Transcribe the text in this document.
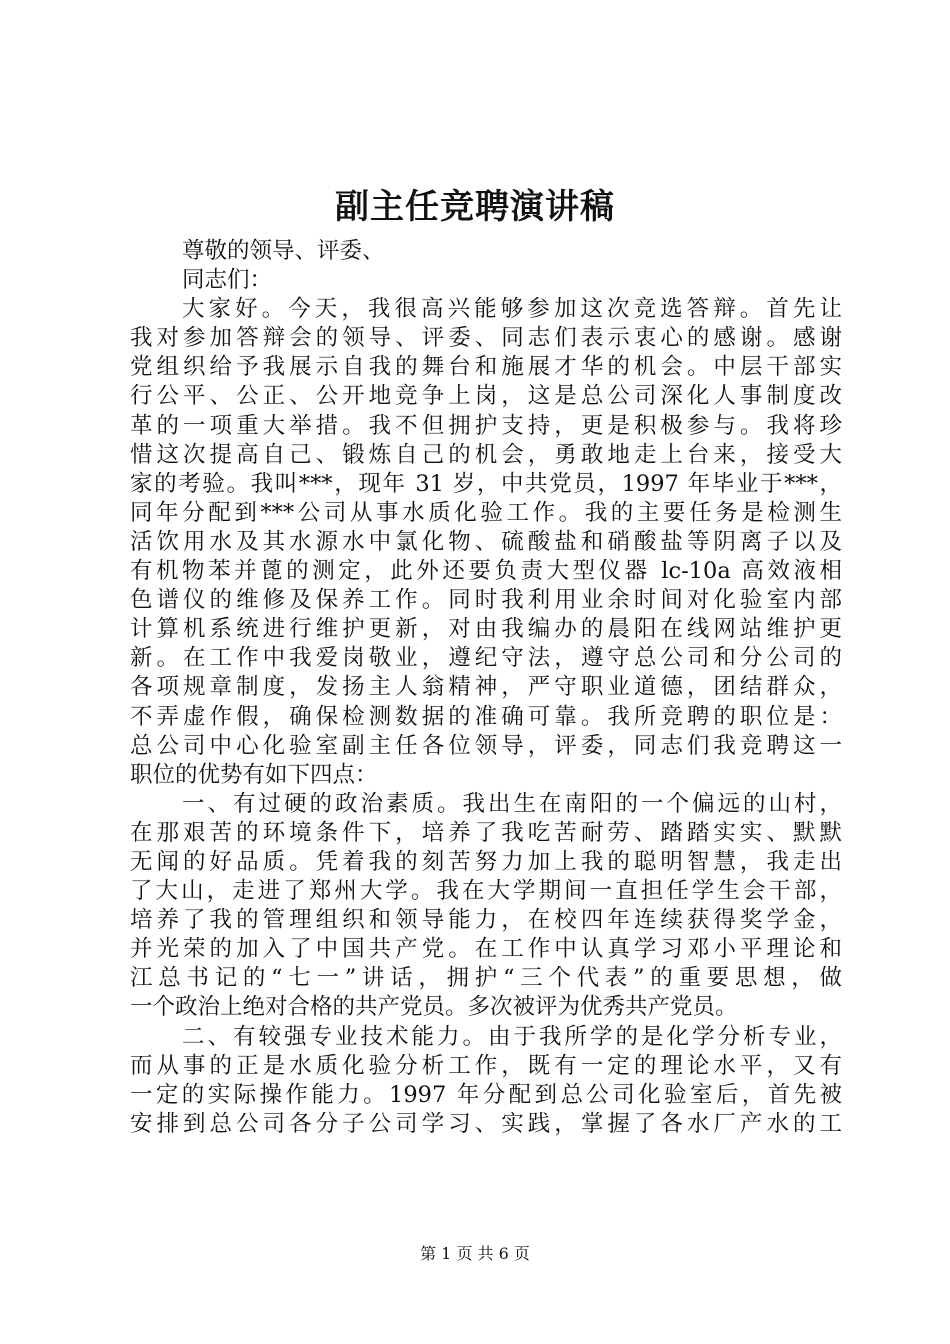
副主任竞聘演讲稿
尊敬的领导、评委、
同志们：
大家好。今天，我很高兴能够参加这次竞选答辩。首先让
我对参加答辩会的领导、评委、同志们表示衷心的感谢。感谢
党组织给予我展示自我的舞台和施展才华的机会。中层干部实
行公平、公正、公开地竞争上岗，这是总公司深化人事制度改
革的一项重大举措。我不但拥护支持，更是积极参与。我将珍
惜这次提高自己、锻炼自己的机会，勇敢地走上台来，接受大
家的考验。我叫***，现年 31 岁，中共党员，1997 年毕业于***，
同年分配到***公司从事水质化验工作。我的主要任务是检测生
活饮用水及其水源水中氯化物、硫酸盐和硝酸盐等阴离子以及
有机物苯并蓖的测定，此外还要负责大型仪器 lc-10a 高效液相
色谱仪的维修及保养工作。同时我利用业余时间对化验室内部
计算机系统进行维护更新，对由我编办的晨阳在线网站维护更
新。在工作中我爱岗敬业，遵纪守法，遵守总公司和分公司的
各项规章制度，发扬主人翁精神，严守职业道德，团结群众，
不弄虚作假，确保检测数据的准确可靠。我所竞聘的职位是：
总公司中心化验室副主任各位领导，评委，同志们我竞聘这一
职位的优势有如下四点：
一、有过硬的政治素质。我出生在南阳的一个偏远的山村，
在那艰苦的环境条件下，培养了我吃苦耐劳、踏踏实实、默默
无闻的好品质。凭着我的刻苦努力加上我的聪明智慧，我走出
了大山，走进了郑州大学。我在大学期间一直担任学生会干部，
培养了我的管理组织和领导能力，在校四年连续获得奖学金，
并光荣的加入了中国共产党。在工作中认真学习邓小平理论和
江总书记的“七一”讲话，拥护“三个代表”的重要思想，做
一个政治上绝对合格的共产党员。多次被评为优秀共产党员。
二、有较强专业技术能力。由于我所学的是化学分析专业，
而从事的正是水质化验分析工作，既有一定的理论水平，又有
一定的实际操作能力。1997 年分配到总公司化验室后，首先被
安排到总公司各分子公司学习、实践，掌握了各水厂产水的工
第 1 页 共 6 页
